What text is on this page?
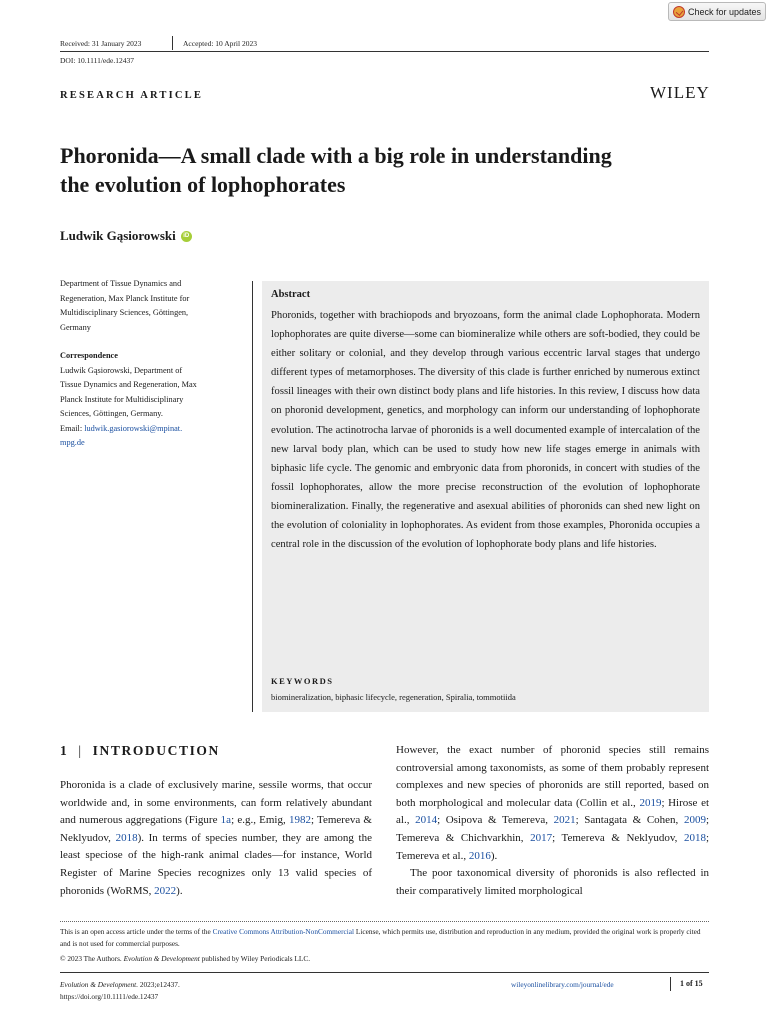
Check for updates
Received: 31 January 2023	Accepted: 10 April 2023
DOI: 10.1111/ede.12437
RESEARCH ARTICLE	WILEY
Phoronida—A small clade with a big role in understanding
the evolution of lophophorates
Ludwik Gąsiorowski	iD
Department of Tissue Dynamics and
Regeneration, Max Planck Institute for
Multidisciplinary Sciences, Göttingen,
Germany
Correspondence
Ludwik Gąsiorowski, Department of
Tissue Dynamics and Regeneration, Max
Planck Institute for Multidisciplinary
Sciences, Göttingen, Germany.
Email: ludwik.gasiorowski@mpinat.
mpg.de
Abstract
Phoronids, together with brachiopods and bryozoans, form the animal clade Lophophorata. Modern lophophorates are quite diverse—some can biomineralize while others are soft-bodied, they could be either solitary or colonial, and they develop through various eccentric larval stages that undergo different types of metamorphoses. The diversity of this clade is further enriched by numerous extinct fossil lineages with their own distinct body plans and life histories. In this review, I discuss how data on phoronid development, genetics, and morphology can inform our understanding of lophophorate evolution. The actinotrocha larvae of phoronids is a well documented example of intercalation of the new larval body plan, which can be used to study how new life stages emerge in animals with biphasic life cycle. The genomic and embryonic data from phoronids, in concert with studies of the fossil lophophorates, allow the more precise reconstruction of the evolution of lophophorate biomineralization. Finally, the regenerative and asexual abilities of phoronids can shed new light on the evolution of coloniality in lophophorates. As evident from those examples, Phoronida occupies a central role in the discussion of the evolution of lophophorate body plans and life histories.
KEYWORDS
biomineralization, biphasic lifecycle, regeneration, Spiralia, tommotiida
1 | INTRODUCTION
Phoronida is a clade of exclusively marine, sessile worms, that occur worldwide and, in some environments, can form relatively abundant and numerous aggregations (Figure 1a; e.g., Emig, 1982; Temereva & Neklyudov, 2018). In terms of species number, they are among the least speciose of the high-rank animal clades—for instance, World Register of Marine Species recognizes only 13 valid species of phoronids (WoRMS, 2022).
However, the exact number of phoronid species still remains controversial among taxonomists, as some of them probably represent complexes and new species of phoronids are still reported, based on both morphological and molecular data (Collin et al., 2019; Hirose et al., 2014; Osipova & Temereva, 2021; Santagata & Cohen, 2009; Temereva & Chichvarkhin, 2017; Temereva & Neklyudov, 2018; Temereva et al., 2016).
The poor taxonomical diversity of phoronids is also reflected in their comparatively limited morphological
This is an open access article under the terms of the Creative Commons Attribution-NonCommercial License, which permits use, distribution and reproduction in any medium, provided the original work is properly cited and is not used for commercial purposes.
© 2023 The Authors. Evolution & Development published by Wiley Periodicals LLC.
Evolution & Development. 2023;e12437.
https://doi.org/10.1111/ede.12437
wileyonlinelibrary.com/journal/ede	1 of 15
